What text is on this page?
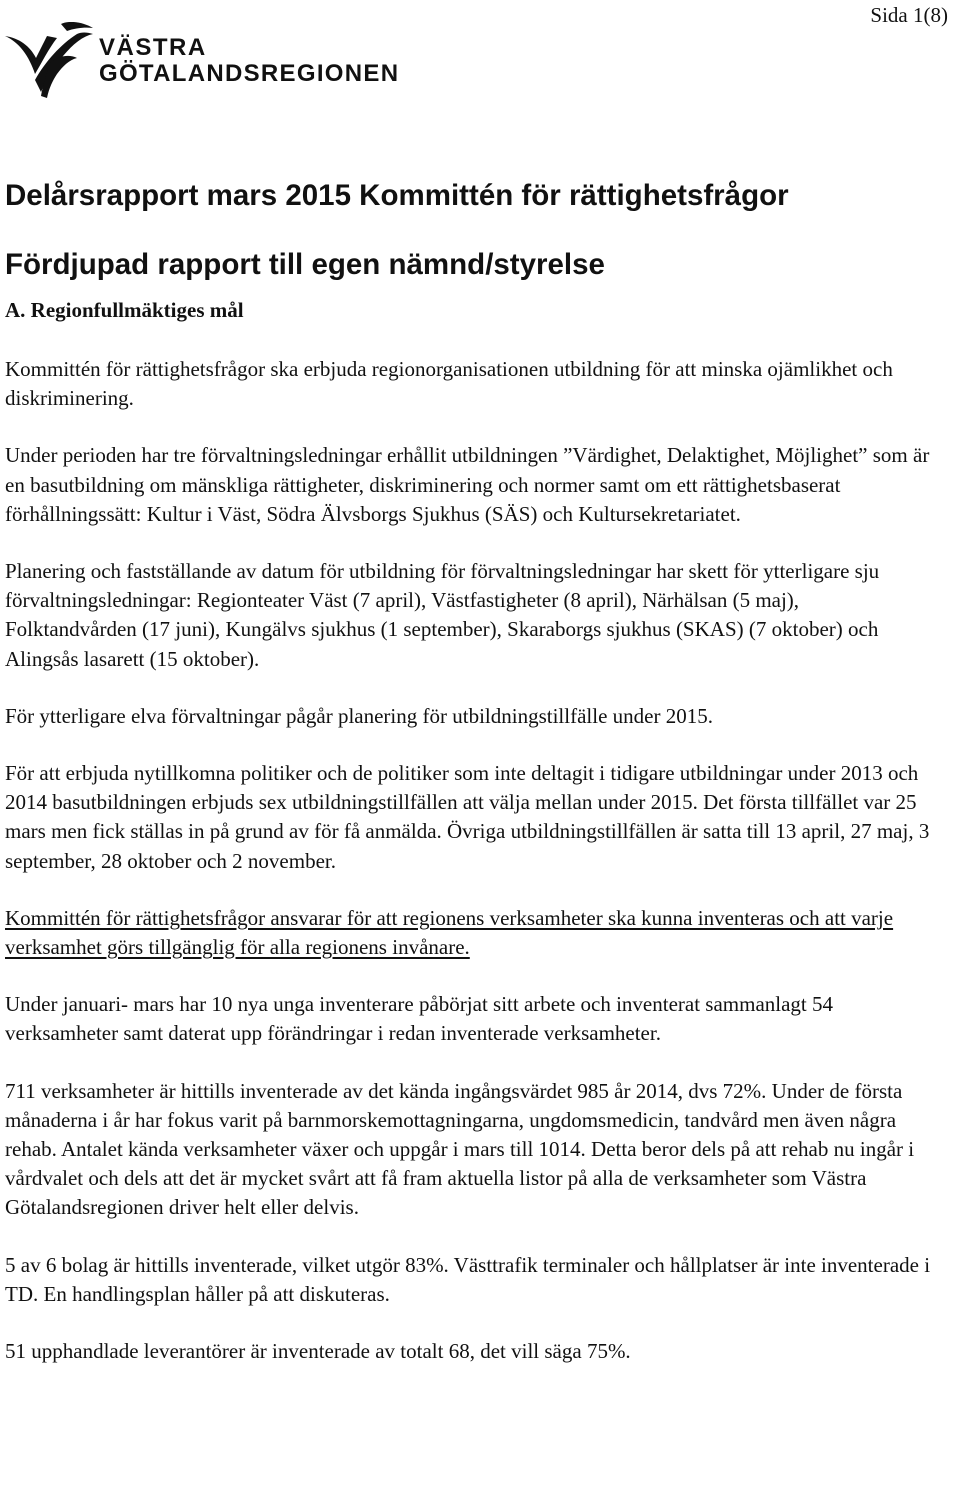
Sida 1(8)
VÄSTRA
GÖTALANDSREGIONEN
Delårsrapport mars 2015 Kommittén för rättighetsfrågor
Fördjupad rapport till egen nämnd/styrelse
A. Regionfullmäktiges mål

Kommittén för rättighetsfrågor ska erbjuda regionorganisationen utbildning för att minska ojämlikhet och diskriminering.

Under perioden har tre förvaltningsledningar erhållit utbildningen ”Värdighet, Delaktighet, Möjlighet” som är en basutbildning om mänskliga rättigheter, diskriminering och normer samt om ett rättighetsbaserat förhållningssätt: Kultur i Väst, Södra Älvsborgs Sjukhus (SÄS) och Kultursekretariatet.

Planering och fastställande av datum för utbildning för förvaltningsledningar har skett för ytterligare sju förvaltningsledningar: Regionteater Väst (7 april), Västfastigheter (8 april), Närhälsan (5 maj), Folktandvården (17 juni), Kungälvs sjukhus (1 september), Skaraborgs sjukhus (SKAS) (7 oktober) och Alingsås lasarett (15 oktober).

För ytterligare elva förvaltningar pågår planering för utbildningstillfälle under 2015.

För att erbjuda nytillkomna politiker och de politiker som inte deltagit i tidigare utbildningar under 2013 och 2014 basutbildningen erbjuds sex utbildningstillfällen att välja mellan under 2015. Det första tillfället var 25 mars men fick ställas in på grund av för få anmälda. Övriga utbildningstillfällen är satta till 13 april, 27 maj, 3 september, 28 oktober och 2 november.

Kommittén för rättighetsfrågor ansvarar för att regionens verksamheter ska kunna inventeras och att varje verksamhet görs tillgänglig för alla regionens invånare.

Under januari- mars har 10 nya unga inventerare påbörjat sitt arbete och inventerat sammanlagt 54 verksamheter samt daterat upp förändringar i redan inventerade verksamheter.

711 verksamheter är hittills inventerade av det kända ingångsvärdet 985 år 2014, dvs 72%. Under de första månaderna i år har fokus varit på barnmorskemottagningarna, ungdomsmedicin, tandvård men även några rehab. Antalet kända verksamheter växer och uppgår i mars till 1014. Detta beror dels på att rehab nu ingår i vårdvalet och dels att det är mycket svårt att få fram aktuella listor på alla de verksamheter som Västra Götalandsregionen driver helt eller delvis.

5 av 6 bolag är hittills inventerade, vilket utgör 83%. Västtrafik terminaler och hållplatser är inte inventerade i TD. En handlingsplan håller på att diskuteras.

51 upphandlade leverantörer är inventerade av totalt 68, det vill säga 75%.
